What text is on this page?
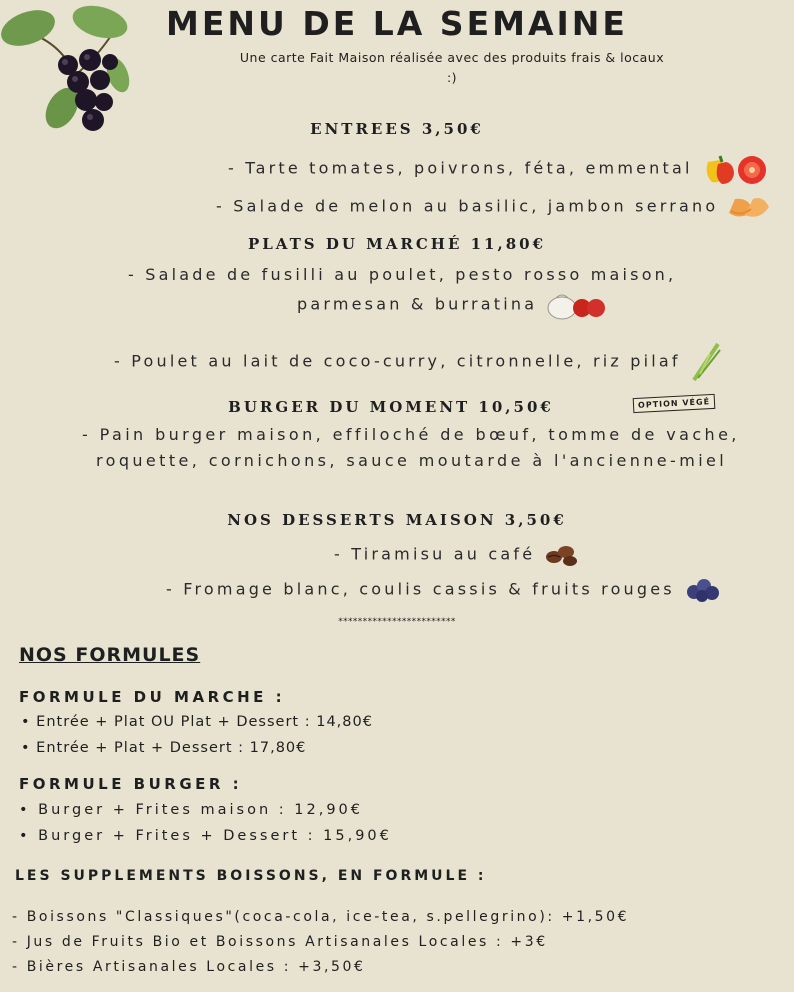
MENU DE LA SEMAINE
Une carte Fait Maison réalisée avec des produits frais & locaux :)
ENTREES 3,50€
- Tarte tomates, poivrons, féta, emmental
- Salade de melon au basilic, jambon serrano
PLATS DU MARCHÉ 11,80€
- Salade de fusilli au poulet, pesto rosso maison,
parmesan & burratina
- Poulet au lait de coco-curry, citronnelle, riz pilaf
BURGER DU MOMENT 10,50€	OPTION VÉGÉ
- Pain burger maison, effiloché de bœuf, tomme de vache,
roquette, cornichons, sauce moutarde à l'ancienne-miel
NOS DESSERTS MAISON 3,50€
- Tiramisu au café
- Fromage blanc, coulis cassis & fruits rouges
************************
NOS FORMULES
FORMULE DU MARCHE :
• Entrée + Plat OU Plat + Dessert : 14,80€
• Entrée + Plat + Dessert : 17,80€
FORMULE BURGER :
• Burger + Frites maison : 12,90€
• Burger + Frites + Dessert : 15,90€
LES SUPPLEMENTS BOISSONS, EN FORMULE :
- Boissons "Classiques"(coca-cola, ice-tea, s.pellegrino): +1,50€
- Jus de Fruits Bio et Boissons Artisanales Locales : +3€
- Bières Artisanales Locales : +3,50€
